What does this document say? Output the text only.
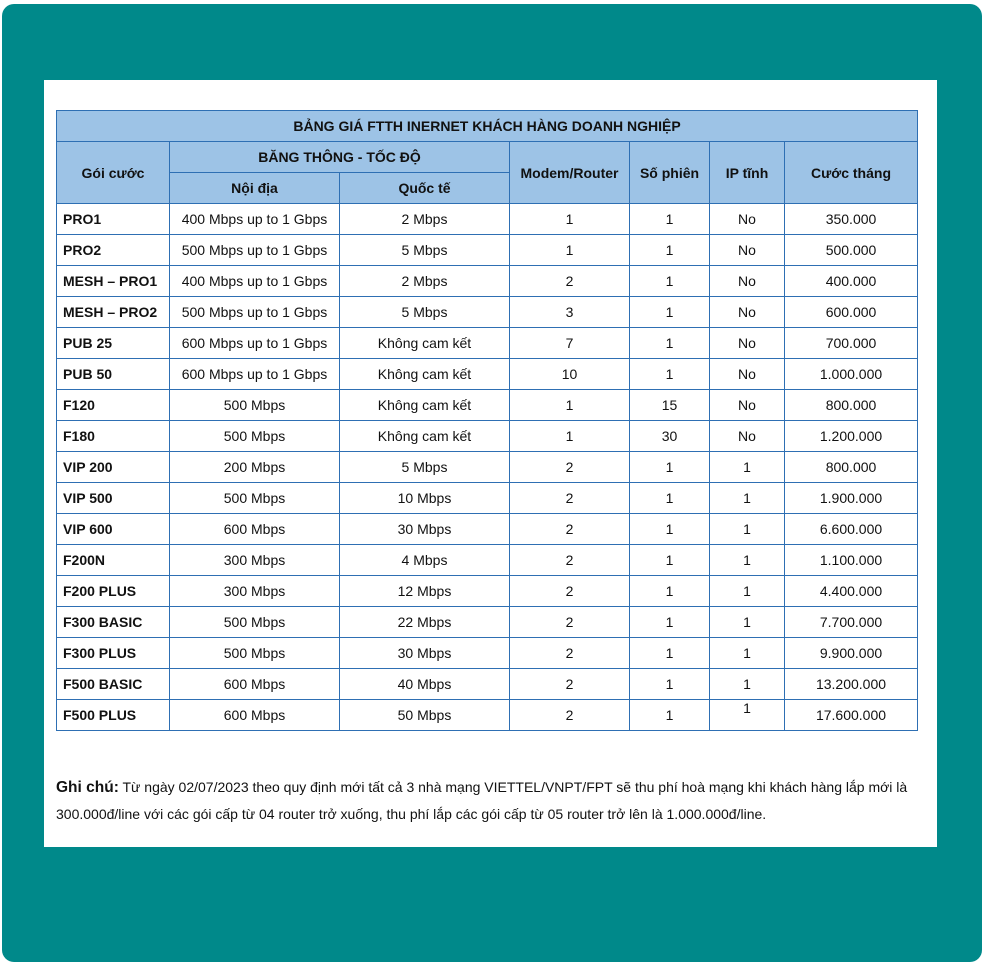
BẢNG GIÁ FTTH INERNET KHÁCH HÀNG DOANH NGHIỆP						
Gói cước	BĂNG THÔNG - TỐC ĐỘ		Modem/Router	Số phiên	IP tĩnh	Cước tháng
	Nội địa	Quốc tế				
PRO1	400 Mbps up to 1 Gbps	2 Mbps	1	1	No	350.000
PRO2	500 Mbps up to 1 Gbps	5 Mbps	1	1	No	500.000
MESH – PRO1	400 Mbps up to 1 Gbps	2 Mbps	2	1	No	400.000
MESH – PRO2	500 Mbps up to 1 Gbps	5 Mbps	3	1	No	600.000
PUB 25	600 Mbps up to 1 Gbps	Không cam kết	7	1	No	700.000
PUB 50	600 Mbps up to 1 Gbps	Không cam kết	10	1	No	1.000.000
F120	500 Mbps	Không cam kết	1	15	No	800.000
F180	500 Mbps	Không cam kết	1	30	No	1.200.000
VIP 200	200 Mbps	5 Mbps	2	1	1	800.000
VIP 500	500 Mbps	10 Mbps	2	1	1	1.900.000
VIP 600	600 Mbps	30 Mbps	2	1	1	6.600.000
F200N	300 Mbps	4 Mbps	2	1	1	1.100.000
F200 PLUS	300 Mbps	12 Mbps	2	1	1	4.400.000
F300 BASIC	500 Mbps	22 Mbps	2	1	1	7.700.000
F300 PLUS	500 Mbps	30 Mbps	2	1	1	9.900.000
F500 BASIC	600 Mbps	40 Mbps	2	1	1	13.200.000
F500 PLUS	600 Mbps	50 Mbps	2	1	1	17.600.000
Ghi chú: Từ ngày 02/07/2023 theo quy định mới tất cả 3 nhà mạng VIETTEL/VNPT/FPT sẽ thu phí hoà mạng khi khách hàng lắp mới là 300.000đ/line với các gói cấp từ 04 router trở xuống, thu phí lắp các gói cấp từ 05 router trở lên là 1.000.000đ/line.
